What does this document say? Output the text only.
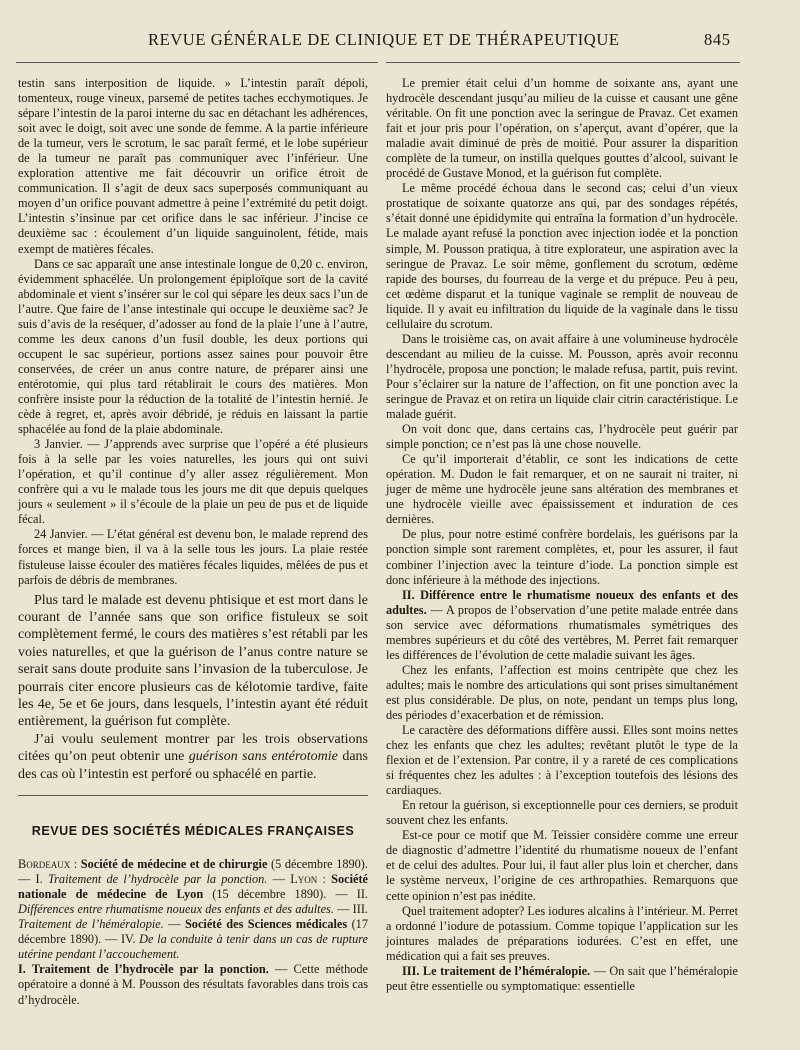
REVUE GÉNÉRALE DE CLINIQUE ET DE THÉRAPEUTIQUE	845

testin sans interposition de liquide. » L’intestin paraît dépoli, tomenteux, rouge vineux, parsemé de petites taches ecchymotiques. Je sépare l’intestin de la paroi interne du sac en détachant les adhérences, soit avec le doigt, soit avec une sonde de femme. A la partie inférieure de la tumeur, vers le scrotum, le sac paraît fermé, et le lobe supérieur de la tumeur ne paraît pas communiquer avec l’inférieur. Une exploration attentive me fait découvrir un orifice étroit de communication. Il s’agit de deux sacs superposés communiquant au moyen d’un orifice pouvant admettre à peine l’extrémité du petit doigt. L’intestin s’insinue par cet orifice dans le sac inférieur. J’incise ce deuxième sac : écoulement d’un liquide sanguinolent, fétide, mais exempt de matières fécales.

Dans ce sac apparaît une anse intestinale longue de 0,20 c. environ, évidemment sphacélée. Un prolongement épiploïque sort de la cavité abdominale et vient s’insérer sur le col qui sépare les deux sacs l’un de l’autre. Que faire de l’anse intestinale qui occupe le deuxième sac? Je suis d’avis de la reséquer, d’adosser au fond de la plaie l’une à l’autre, comme les deux canons d’un fusil double, les deux portions qui occupent le sac supérieur, portions assez saines pour pouvoir être conservées, de créer un anus contre nature, de préparer ainsi une entérotomie, qui plus tard rétablirait le cours des matières. Mon confrère insiste pour la réduction de la totalité de l’intestin hernié. Je cède à regret, et, après avoir débridé, je réduis en laissant la partie sphacélée au fond de la plaie abdominale.

3 Janvier. — J’apprends avec surprise que l’opéré a été plusieurs fois à la selle par les voies naturelles, les jours qui ont suivi l’opération, et qu’il continue d’y aller assez régulièrement. Mon confrère qui a vu le malade tous les jours me dit que depuis quelques jours « seulement » il s’écoule de la plaie un peu de pus et de liquide fécal.

24 Janvier. — L’état général est devenu bon, le malade reprend des forces et mange bien, il va à la selle tous les jours. La plaie restée fistuleuse laisse écouler des matières fécales liquides, mêlées de pus et parfois de débris de membranes.

Plus tard le malade est devenu phtisique et est mort dans le courant de l’année sans que son orifice fistuleux se soit complètement fermé, le cours des matières s’est rétabli par les voies naturelles, et que la guérison de l’anus contre nature se serait sans doute produite sans l’invasion de la tuberculose. Je pourrais citer encore plusieurs cas de kélotomie tardive, faite les 4e, 5e et 6e jours, dans lesquels, l’intestin ayant été réduit entièrement, la guérison fut complète.

J’ai voulu seulement montrer par les trois observations citées qu’on peut obtenir une guérison sans entérotomie dans des cas où l’intestin est perforé ou sphacélé en partie.

REVUE DES SOCIÉTÉS MÉDICALES FRANÇAISES

Bordeaux : Société de médecine et de chirurgie (5 décembre 1890). — I. Traitement de l’hydrocèle par la ponction. — Lyon : Société nationale de médecine de Lyon (15 décembre 1890). — II. Différences entre rhumatisme noueux des enfants et des adultes. — III. Traitement de l’héméralopie. — Société des Sciences médicales (17 décembre 1890). — IV. De la conduite à tenir dans un cas de rupture utérine pendant l’accouchement.

I. Traitement de l’hydrocèle par la ponction. — Cette méthode opératoire a donné à M. Pousson des résultats favorables dans trois cas d’hydrocèle.

Le premier était celui d’un homme de soixante ans, ayant une hydrocèle descendant jusqu’au milieu de la cuisse et causant une gêne véritable. On fit une ponction avec la seringue de Pravaz. Cet examen fait et jour pris pour l’opération, on s’aperçut, avant d’opérer, que la maladie avait diminué de près de moitié. Pour assurer la disparition complète de la tumeur, on instilla quelques gouttes d’alcool, suivant le procédé de Gustave Monod, et la guérison fut complète.

Le même procédé échoua dans le second cas; celui d’un vieux prostatique de soixante quatorze ans qui, par des sondages répétés, s’était donné une épididymite qui entraîna la formation d’un hydrocèle. Le malade ayant refusé la ponction avec injection iodée et la ponction simple, M. Pousson pratiqua, à titre explorateur, une aspiration avec la seringue de Pravaz. Le soir même, gonflement du scrotum, œdème rapide des bourses, du fourreau de la verge et du prépuce. Peu à peu, cet œdème disparut et la tunique vaginale se remplit de nouveau de liquide. Il y avait eu infiltration du liquide de la vaginale dans le tissu cellulaire du scrotum.

Dans le troisième cas, on avait affaire à une volumineuse hydrocèle descendant au milieu de la cuisse. M. Pousson, après avoir reconnu l’hydrocèle, proposa une ponction; le malade refusa, partit, puis revint. Pour s’éclairer sur la nature de l’affection, on fit une ponction avec la seringue de Pravaz et on retira un liquide clair citrin caractéristique. Le malade guérit.

On voit donc que, dans certains cas, l’hydrocèle peut guérir par simple ponction; ce n’est pas là une chose nouvelle.

Ce qu’il importerait d’établir, ce sont les indications de cette opération. M. Dudon le fait remarquer, et on ne saurait ni traiter, ni juger de même une hydrocèle jeune sans altération des membranes et une hydrocèle vieille avec épaississement et induration de ces dernières.

De plus, pour notre estimé confrère bordelais, les guérisons par la ponction simple sont rarement complètes, et, pour les assurer, il faut combiner l’injection avec la teinture d’iode. La ponction simple est donc inférieure à la méthode des injections.

II. Différence entre le rhumatisme noueux des enfants et des adultes. — A propos de l’observation d’une petite malade entrée dans son service avec déformations rhumatismales symétriques des membres supérieurs et du côté des vertèbres, M. Perret fait remarquer les différences de l’évolution de cette maladie suivant les âges.

Chez les enfants, l’affection est moins centripète que chez les adultes; mais le nombre des articulations qui sont prises simultanément est plus considérable. De plus, on note, pendant un temps plus long, des périodes d’exacerbation et de rémission.

Le caractère des déformations diffère aussi. Elles sont moins nettes chez les enfants que chez les adultes; revêtant plutôt le type de la flexion et de l’extension. Par contre, il y a rareté de ces complications si fréquentes chez les adultes : à l’exception toutefois des lésions des cardiaques.

En retour la guérison, si exceptionnelle pour ces derniers, se produit souvent chez les enfants.

Est-ce pour ce motif que M. Teissier considère comme une erreur de diagnostic d’admettre l’identité du rhumatisme noueux de l’enfant et de celui des adultes. Pour lui, il faut aller plus loin et chercher, dans le système nerveux, l’origine de ces arthropathies. Remarquons que cette opinion n’est pas inédite.

Quel traitement adopter? Les iodures alcalins à l’intérieur. M. Perret a ordonné l’iodure de potassium. Comme topique l’application sur les jointures malades de préparations iodurées. C’est en effet, une médication qui a fait ses preuves.

III. Le traitement de l’héméralopie. — On sait que l’héméralopie peut être essentielle ou symptomatique: essentielle
